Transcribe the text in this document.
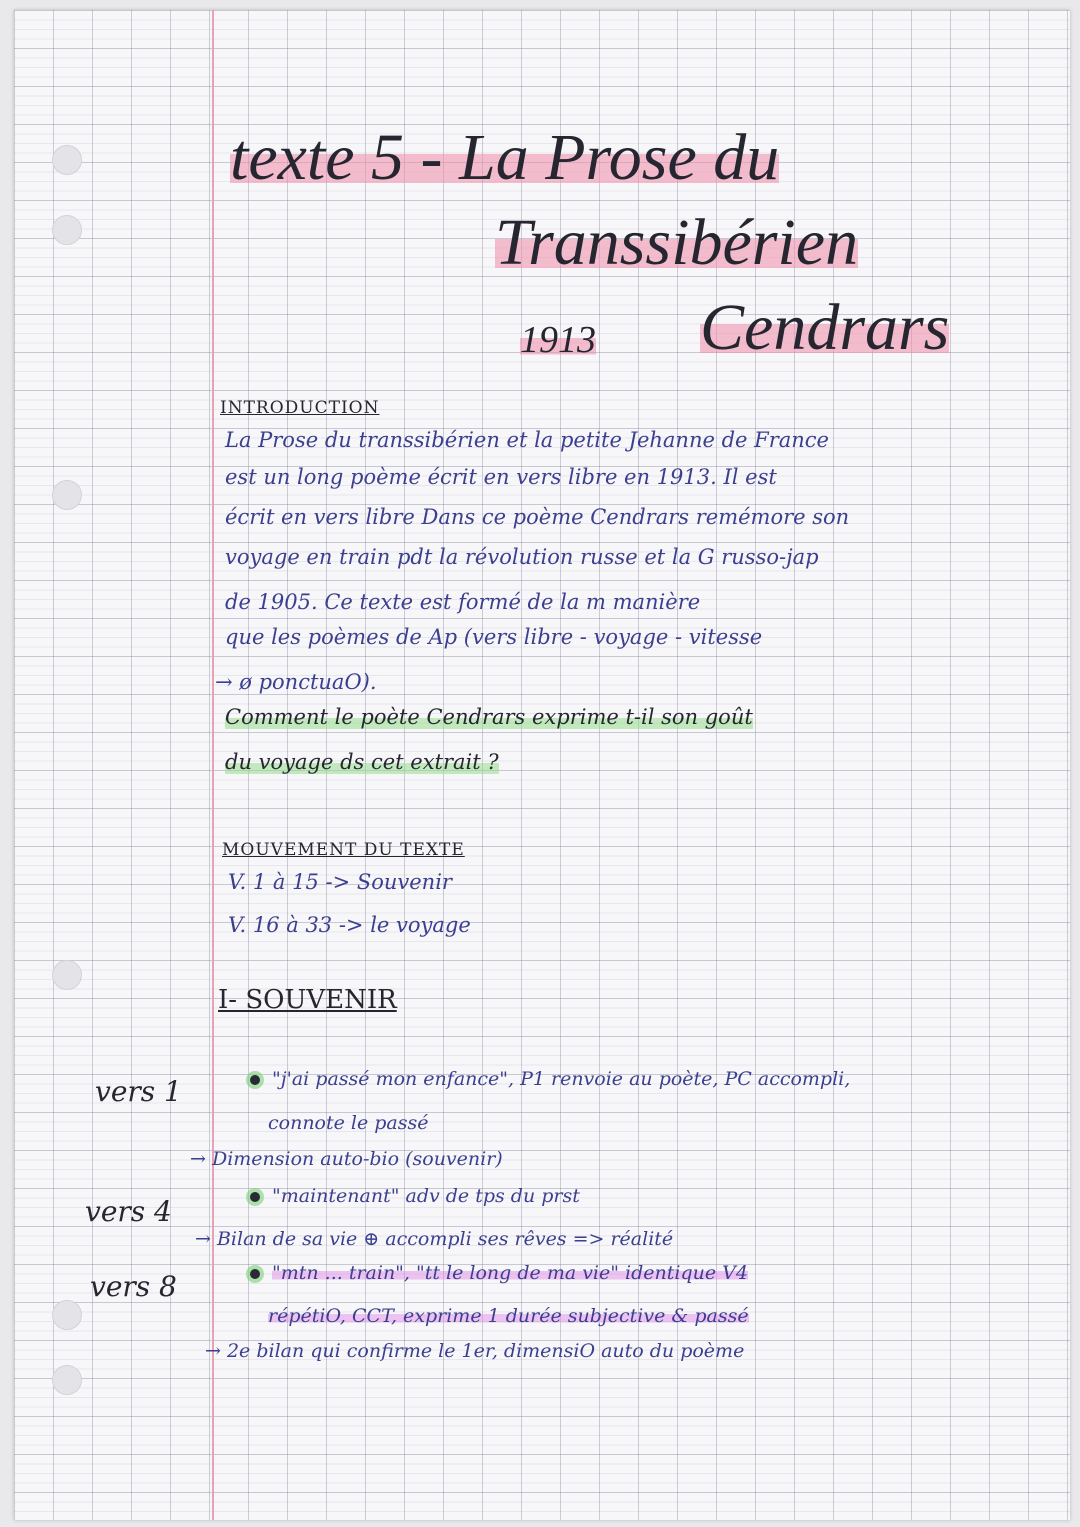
texte 5 - La Prose du
Transsibérien
1913 Cendrars
INTRODUCTION
La Prose du transsibérien et la petite Jehanne de France
est un long poème écrit en vers libre en 1913. Il est
écrit en vers libre Dans ce poème Cendrars remémore son
voyage en train pdt la révolution russe et la G russo-jap
de 1905. Ce texte est formé de la m manière
que les poèmes de Ap (vers libre - voyage - vitesse
→ ø ponctuaO).
Comment le poète Cendrars exprime t-il son goût
du voyage ds cet extrait ?
MOUVEMENT DU TEXTE
V. 1 à 15 -> Souvenir
V. 16 à 33 -> le voyage
I- SOUVENIR
vers 1
vers 4
vers 8
"j'ai passé mon enfance", P1 renvoie au poète, PC accompli,
connote le passé
→ Dimension auto-bio (souvenir)
"maintenant" adv de tps du prst
→ Bilan de sa vie ⊕ accompli ses rêves => réalité
"mtn ... train", "tt le long de ma vie" identique V4
répétiO, CCT, exprime 1 durée subjective & passé
→ 2e bilan qui confirme le 1er, dimensiO auto du poème
